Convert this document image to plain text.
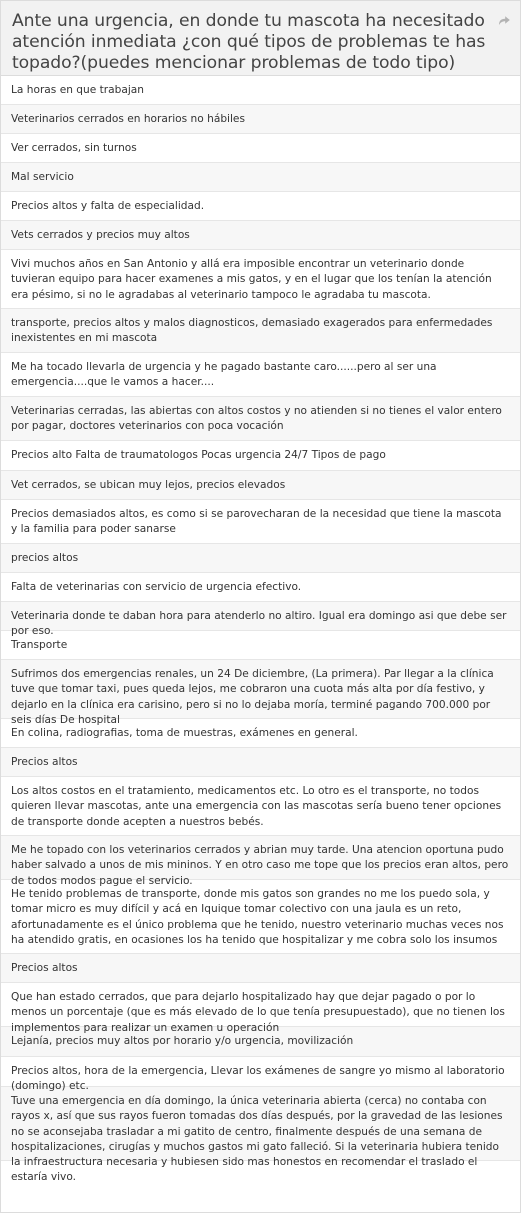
Ante una urgencia, en donde tu mascota ha necesitado atención inmediata ¿con qué tipos de problemas te has topado?(puedes mencionar problemas de todo tipo)
La horas en que trabajan
Veterinarios cerrados en horarios no hábiles
Ver cerrados, sin turnos
Mal servicio
Precios altos y falta de especialidad.
Vets cerrados y precios muy altos
Vivi muchos años en San Antonio y allá era imposible encontrar un veterinario donde tuvieran equipo para hacer examenes a mis gatos, y en el lugar que los tenían la atención era pésimo, si no le agradabas al veterinario tampoco le agradaba tu mascota.
transporte, precios altos y malos diagnosticos, demasiado exagerados para enfermedades inexistentes en mi mascota
Me ha tocado llevarla de urgencia y he pagado bastante caro......pero al ser una emergencia....que le vamos a hacer....
Veterinarias cerradas, las abiertas con altos costos y no atienden si no tienes el valor entero por pagar, doctores veterinarios con poca vocación
Precios alto Falta de traumatologos Pocas urgencia 24/7 Tipos de pago
Vet cerrados, se ubican muy lejos, precios elevados
Precios demasiados altos, es como si se parovecharan de la necesidad que tiene la mascota y la familia para poder sanarse
precios altos
Falta de veterinarias con servicio de urgencia efectivo.
Veterinaria donde te daban hora para atenderlo no altiro. Igual era domingo asi que debe ser por eso.
Transporte
Sufrimos dos emergencias renales, un 24 De diciembre, (La primera). Par llegar a la clínica tuve que tomar taxi, pues queda lejos, me cobraron una cuota más alta por día festivo, y dejarlo en la clínica era carisino, pero si no lo dejaba moría, terminé pagando 700.000 por seis días De hospital
En colina, radiografias, toma de muestras, exámenes en general.
Precios altos
Los altos costos en el tratamiento, medicamentos etc. Lo otro es el transporte, no todos quieren llevar mascotas, ante una emergencia con las mascotas sería bueno tener opciones de transporte donde acepten a nuestros bebés.
Me he topado con los veterinarios cerrados y abrian muy tarde. Una atencion oportuna pudo haber salvado a unos de mis mininos. Y en otro caso me tope que los precios eran altos, pero de todos modos pague el servicio.
He tenido problemas de transporte, donde mis gatos son grandes no me los puedo sola, y tomar micro es muy difícil y acá en Iquique tomar colectivo con una jaula es un reto, afortunadamente es el único problema que he tenido, nuestro veterinario muchas veces nos ha atendido gratis, en ocasiones los ha tenido que hospitalizar y me cobra solo los insumos
Precios altos
Que han estado cerrados, que para dejarlo hospitalizado hay que dejar pagado o por lo menos un porcentaje (que es más elevado de lo que tenía presupuestado), que no tienen los implementos para realizar un examen u operación
Lejanía, precios muy altos por horario y/o urgencia, movilización
Precios altos, hora de la emergencia, Llevar los exámenes de sangre yo mismo al laboratorio (domingo) etc.
Tuve una emergencia en día domingo, la única veterinaria abierta (cerca) no contaba con rayos x, así que sus rayos fueron tomadas dos días después, por la gravedad de las lesiones no se aconsejaba trasladar a mi gatito de centro, finalmente después de una semana de hospitalizaciones, cirugías y muchos gastos mi gato falleció. Si la veterinaria hubiera tenido la infraestructura necesaria y hubiesen sido mas honestos en recomendar el traslado el estaría vivo.
